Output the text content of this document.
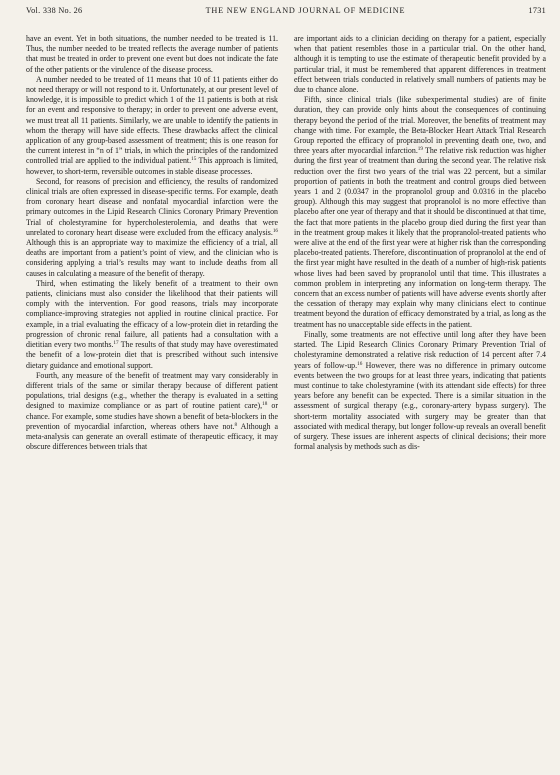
Vol. 338 No. 26	THE NEW ENGLAND JOURNAL OF MEDICINE	1731

have an event. Yet in both situations, the number needed to be treated is 11. Thus, the number needed to be treated reflects the average number of patients that must be treated in order to prevent one event but does not indicate the fate of the other patients or the virulence of the disease process.

A number needed to be treated of 11 means that 10 of 11 patients either do not need therapy or will not respond to it. Unfortunately, at our present level of knowledge, it is impossible to predict which 1 of the 11 patients is both at risk for an event and responsive to therapy; in order to prevent one adverse event, we must treat all 11 patients. Similarly, we are unable to identify the patients in whom the therapy will have side effects. These drawbacks affect the clinical application of any group-based assessment of treatment; this is one reason for the current interest in “n of 1” trials, in which the principles of the randomized controlled trial are applied to the individual patient.$^{15}$ This approach is limited, however, to short-term, reversible outcomes in stable disease processes.

Second, for reasons of precision and efficiency, the results of randomized clinical trials are often expressed in disease-specific terms. For example, death from coronary heart disease and nonfatal myocardial infarction were the primary outcomes in the Lipid Research Clinics Coronary Primary Prevention Trial of cholestyramine for hypercholesterolemia, and deaths that were unrelated to coronary heart disease were excluded from the efficacy analysis.$^{16}$ Although this is an appropriate way to maximize the efficiency of a trial, all deaths are important from a patient’s point of view, and the clinician who is considering applying a trial’s results may want to include deaths from all causes in calculating a measure of the benefit of therapy.

Third, when estimating the likely benefit of a treatment to their own patients, clinicians must also consider the likelihood that their patients will comply with the intervention. For good reasons, trials may incorporate compliance-improving strategies not applied in routine clinical practice. For example, in a trial evaluating the efficacy of a low-protein diet in retarding the progression of chronic renal failure, all patients had a consultation with a dietitian every two months.$^{17}$ The results of that study may have overestimated the benefit of a low-protein diet that is prescribed without such intensive dietary guidance and emotional support.

Fourth, any measure of the benefit of treatment may vary considerably in different trials of the same or similar therapy because of different patient populations, trial designs (e.g., whether the therapy is evaluated in a setting designed to maximize compliance or as part of routine patient care),$^{18}$ or chance. For example, some studies have shown a benefit of beta-blockers in the prevention of myocardial infarction, whereas others have not.$^8$ Although a meta-analysis can generate an overall estimate of therapeutic efficacy, it may obscure differences between trials that

are important aids to a clinician deciding on therapy for a patient, especially when that patient resembles those in a particular trial. On the other hand, although it is tempting to use the estimate of therapeutic benefit provided by a particular trial, it must be remembered that apparent differences in treatment effect between trials conducted in relatively small numbers of patients may be due to chance alone.

Fifth, since clinical trials (like subexperimental studies) are of finite duration, they can provide only hints about the consequences of continuing therapy beyond the period of the trial. Moreover, the benefits of treatment may change with time. For example, the Beta-Blocker Heart Attack Trial Research Group reported the efficacy of propranolol in preventing death one, two, and three years after myocardial infarction.$^{19}$ The relative risk reduction was higher during the first year of treatment than during the second year. The relative risk reduction over the first two years of the trial was 22 percent, but a similar proportion of patients in both the treatment and control groups died between years 1 and 2 (0.0347 in the propranolol group and 0.0316 in the placebo group). Although this may suggest that propranolol is no more effective than placebo after one year of therapy and that it should be discontinued at that time, the fact that more patients in the placebo group died during the first year than in the treatment group makes it likely that the propranolol-treated patients who were alive at the end of the first year were at higher risk than the corresponding placebo-treated patients. Therefore, discontinuation of propranolol at the end of the first year might have resulted in the death of a number of high-risk patients whose lives had been saved by propranolol until that time. This illustrates a common problem in interpreting any information on long-term therapy. The concern that an excess number of patients will have adverse events shortly after the cessation of therapy may explain why many clinicians elect to continue treatment beyond the duration of efficacy demonstrated by a trial, as long as the treatment has no unacceptable side effects in the patient.

Finally, some treatments are not effective until long after they have been started. The Lipid Research Clinics Coronary Primary Prevention Trial of cholestyramine demonstrated a relative risk reduction of 14 percent after 7.4 years of follow-up.$^{16}$ However, there was no difference in primary outcome events between the two groups for at least three years, indicating that patients must continue to take cholestyramine (with its attendant side effects) for three years before any benefit can be expected. There is a similar situation in the assessment of surgical therapy (e.g., coronary-artery bypass surgery). The short-term mortality associated with surgery may be greater than that associated with medical therapy, but longer follow-up reveals an overall benefit of surgery. These issues are inherent aspects of clinical decisions; their more formal analysis by methods such as dis-
